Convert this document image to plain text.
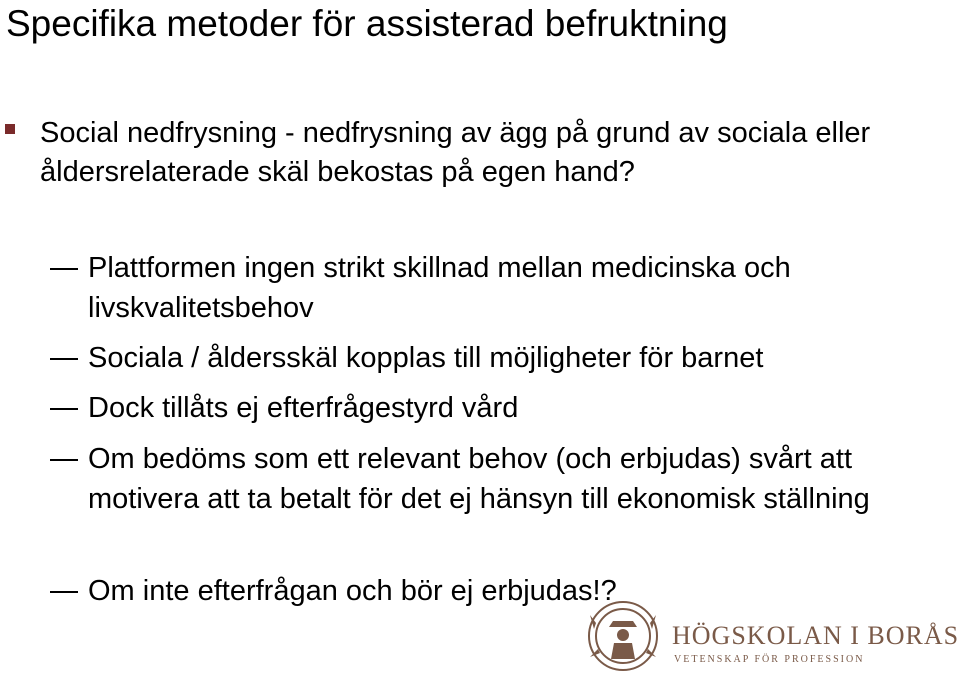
Specifika metoder för assisterad befruktning
Social nedfrysning - nedfrysning av ägg på grund av sociala eller åldersrelaterade skäl bekostas på egen hand?
Plattformen ingen strikt skillnad mellan medicinska och livskvalitetsbehov
Sociala / åldersskäl kopplas till möjligheter för barnet
Dock tillåts ej efterfrågestyrd vård
Om bedöms som ett relevant behov (och erbjudas) svårt att motivera att ta betalt för det ej hänsyn till ekonomisk ställning
Om inte efterfrågan och bör ej erbjudas!?
HÖGSKOLAN I BORÅS
VETENSKAP FÖR PROFESSION
